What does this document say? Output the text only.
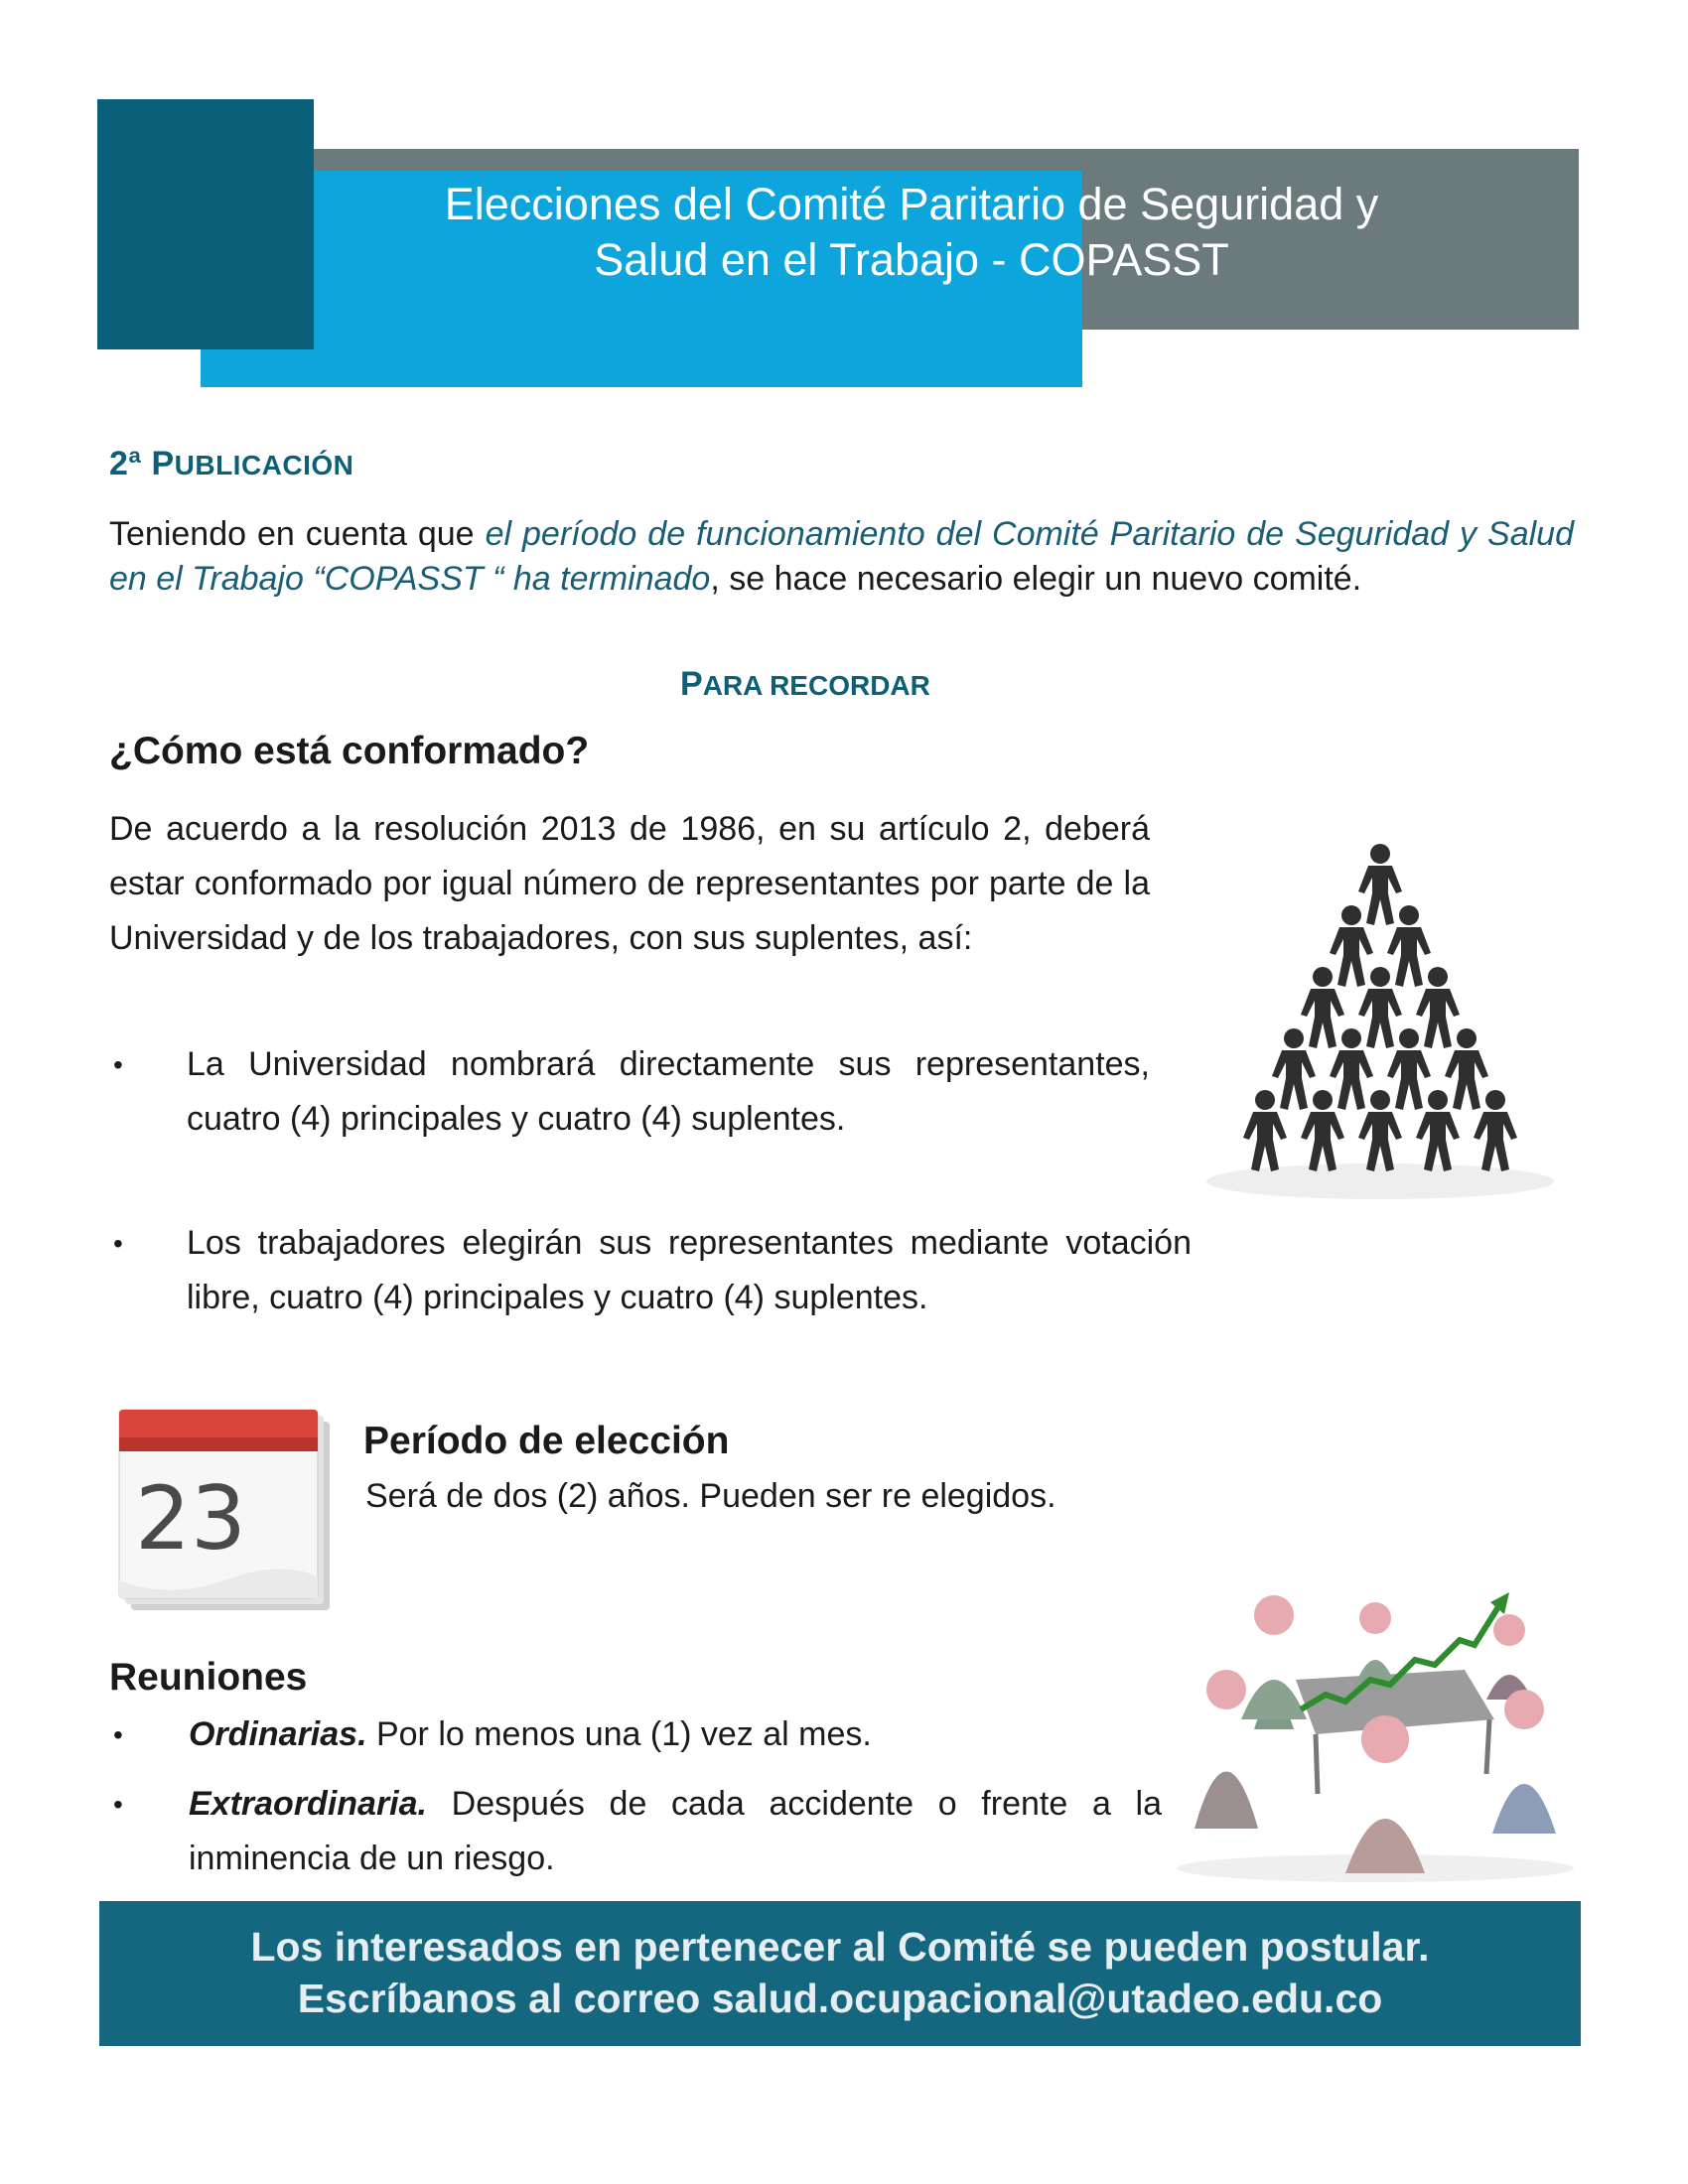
Elecciones del Comité Paritario de Seguridad y
Salud en el Trabajo - COPASST
2ª PUBLICACIÓN

Teniendo en cuenta que el período de funcionamiento del Comité Paritario de Seguridad y Salud en el Trabajo “COPASST “ ha terminado, se hace necesario elegir un nuevo comité.

PARA RECORDAR
¿Cómo está conformado?

De acuerdo a la resolución 2013 de 1986, en su artículo 2, deberá estar conformado por igual número de representantes por parte de la Universidad y de los trabajadores, con sus suplentes, así:

• La Universidad nombrará directamente sus representantes, cuatro (4) principales y cuatro (4) suplentes.
• Los trabajadores elegirán sus representantes mediante votación libre, cuatro (4) principales y cuatro (4) suplentes.
23
Período de elección

Será de dos (2) años. Pueden ser re elegidos.

Reuniones
• Ordinarias. Por lo menos una (1) vez al mes.
• Extraordinaria. Después de cada accidente o frente a la inminencia de un riesgo.
Los interesados en pertenecer al Comité se pueden postular.
Escríbanos al correo salud.ocupacional@utadeo.edu.co
